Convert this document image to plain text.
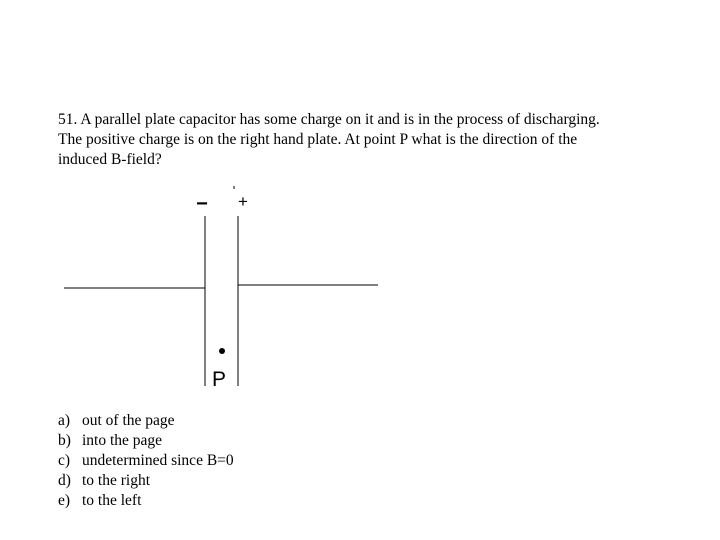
51. A parallel plate capacitor has some charge on it and is in the process of discharging.
The positive charge is on the right hand plate. At point P what is the direction of the
induced B-field?
− +
P
a) out of the page
b) into the page
c) undetermined since B=0
d) to the right
e) to the left
